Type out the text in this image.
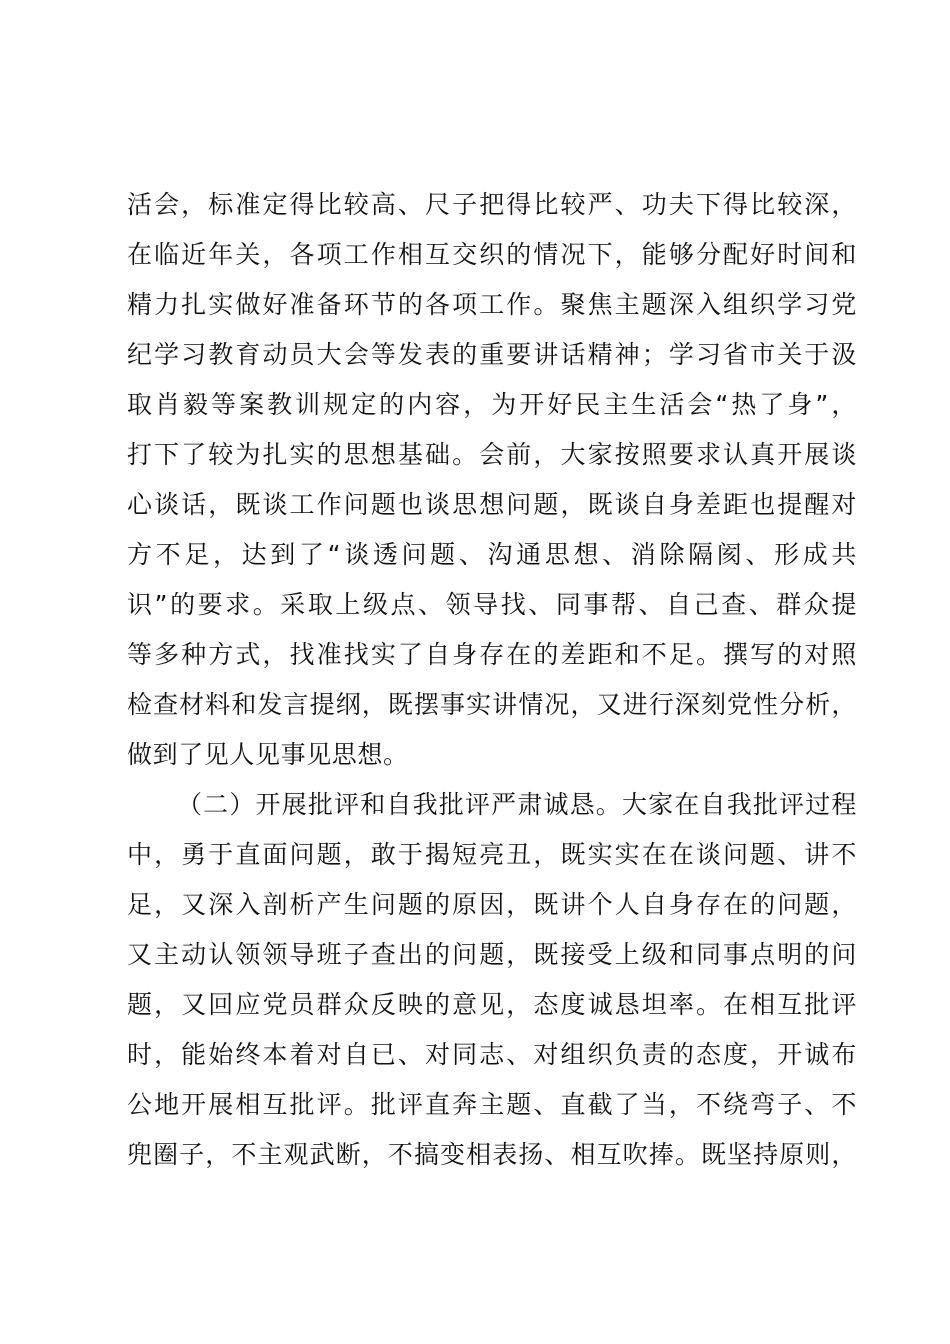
活会，标准定得比较高、尺子把得比较严、功夫下得比较深，
在临近年关，各项工作相互交织的情况下，能够分配好时间和
精力扎实做好准备环节的各项工作。聚焦主题深入组织学习党
纪学习教育动员大会等发表的重要讲话精神；学习省市关于汲
取肖毅等案教训规定的内容，为开好民主生活会“热了身”，
打下了较为扎实的思想基础。会前，大家按照要求认真开展谈
心谈话，既谈工作问题也谈思想问题，既谈自身差距也提醒对
方不足，达到了“谈透问题、沟通思想、消除隔阂、形成共
识”的要求。采取上级点、领导找、同事帮、自己查、群众提
等多种方式，找准找实了自身存在的差距和不足。撰写的对照
检查材料和发言提纲，既摆事实讲情况，又进行深刻党性分析，
做到了见人见事见思想。
（二）开展批评和自我批评严肃诚恳。大家在自我批评过程
中，勇于直面问题，敢于揭短亮丑，既实实在在谈问题、讲不
足，又深入剖析产生问题的原因，既讲个人自身存在的问题，
又主动认领领导班子查出的问题，既接受上级和同事点明的问
题，又回应党员群众反映的意见，态度诚恳坦率。在相互批评
时，能始终本着对自已、对同志、对组织负责的态度，开诚布
公地开展相互批评。批评直奔主题、直截了当，不绕弯子、不
兜圈子，不主观武断，不搞变相表扬、相互吹捧。既坚持原则，
